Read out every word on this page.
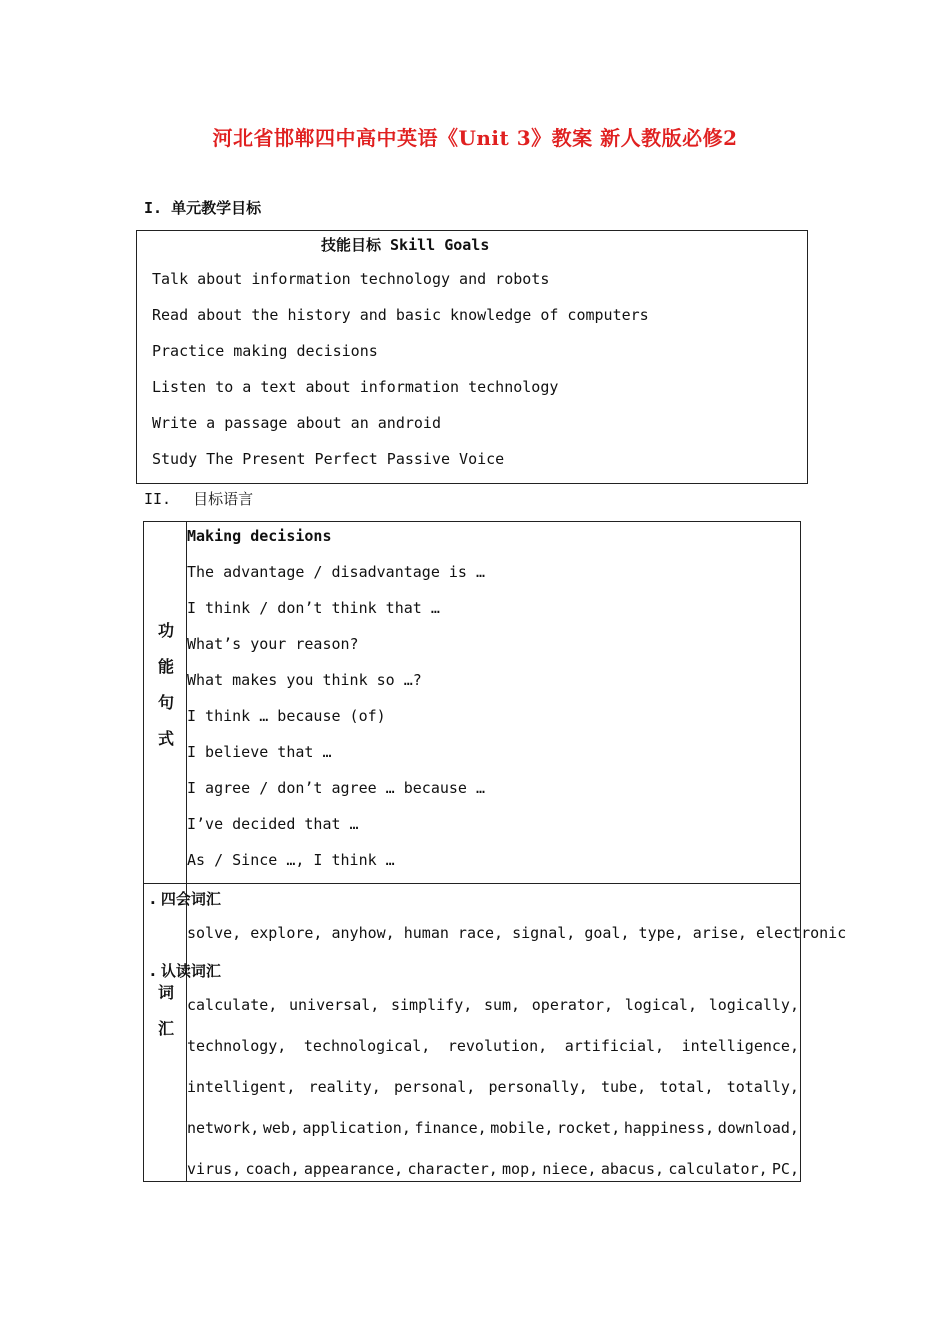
河北省邯郸四中高中英语《Unit 3》教案 新人教版必修2
I. 单元教学目标
技能目标 Skill Goals
Talk about information technology and robots
Read about the history and basic knowledge of computers
Practice making decisions
Listen to a text about information technology
Write a passage about an android
Study The Present Perfect Passive Voice
II. 目标语言
功
能
句
式
Making decisions
The advantage / disadvantage is …
I think / don’t think that …
What’s your reason?
What makes you think so …?
I think … because (of)
I believe that …
I agree / don’t agree … because …
I’ve decided that …
As / Since …, I think …
. 四会词汇
solve, explore, anyhow, human race, signal, goal, type, arise, electronic
. 认读词汇
词
汇
calculate, universal, simplify, sum, operator, logical, logically,
technology, technological, revolution, artificial, intelligence,
intelligent, reality, personal, personally, tube, total, totally,
network, web, application, finance, mobile, rocket, happiness, download,
virus, coach, appearance, character, mop, niece, abacus, calculator, PC,
